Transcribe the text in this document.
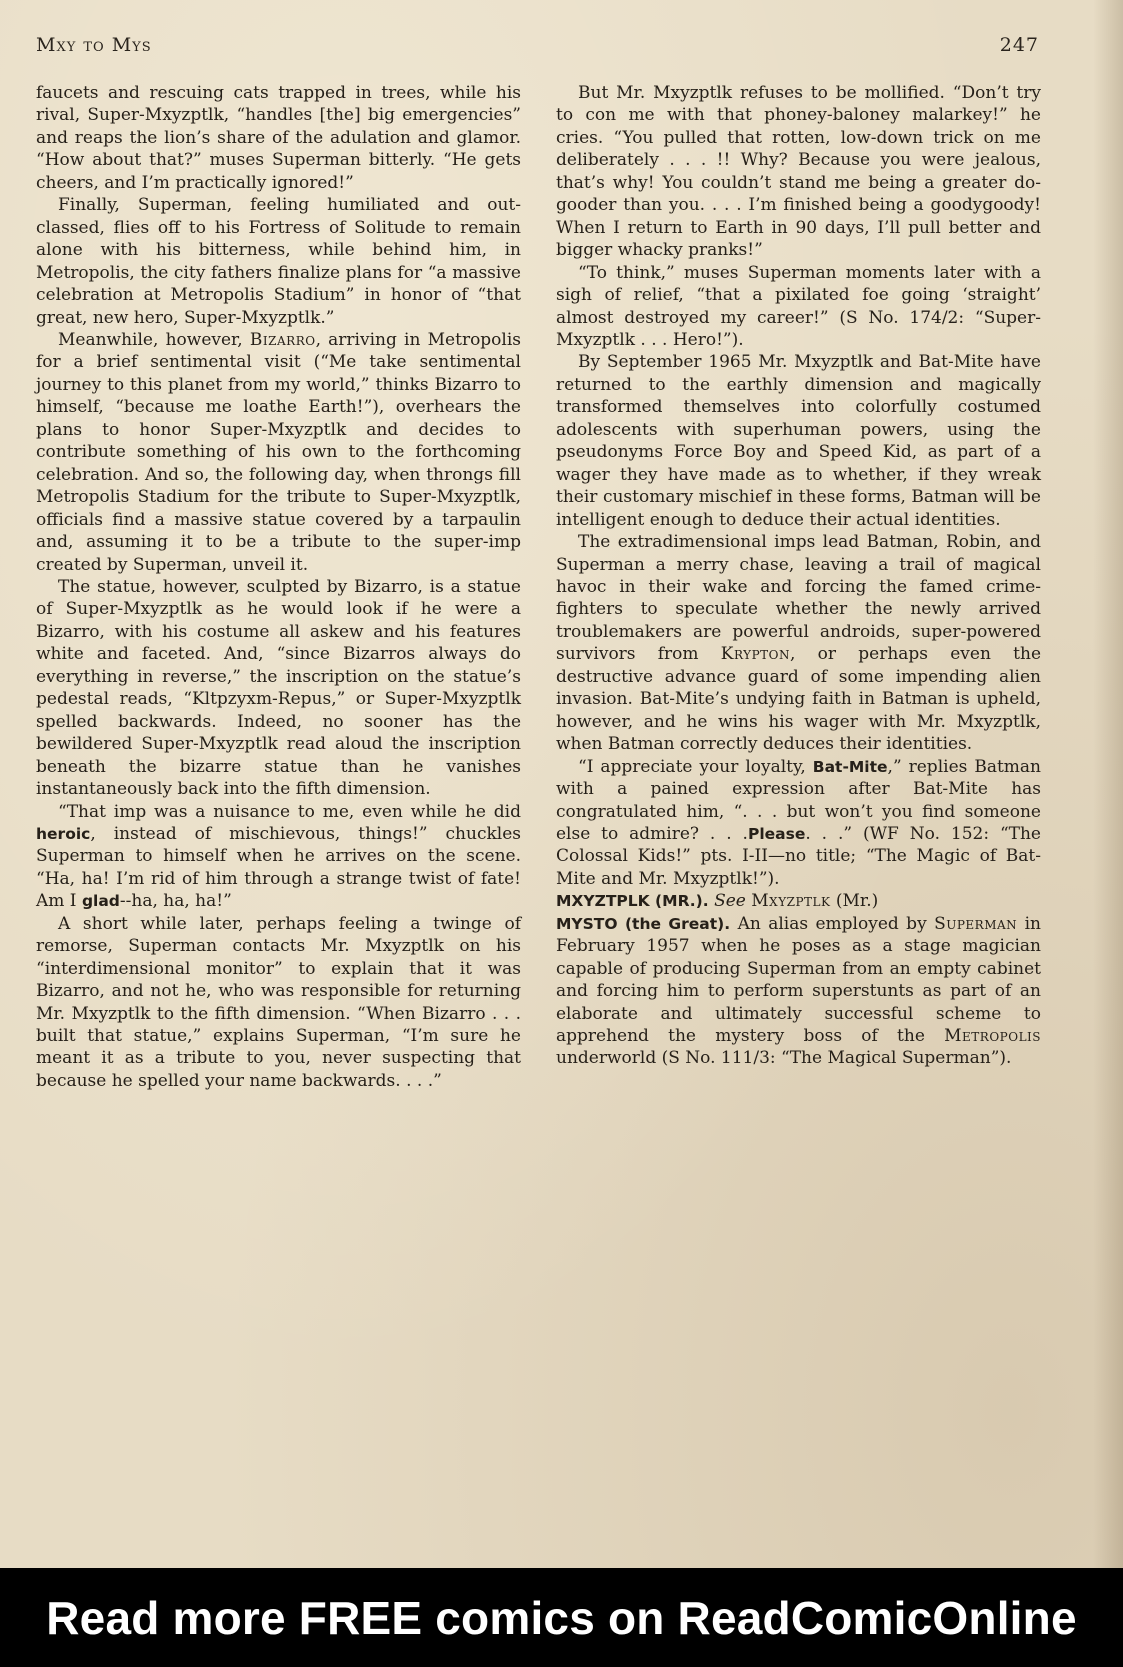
Mxy to Mys	247

faucets and rescuing cats trapped in trees, while his rival, Super-Mxyzptlk, “handles [the] big emergencies” and reaps the lion’s share of the adulation and glamor. “How about that?” muses Superman bitterly. “He gets cheers, and I’m practically ignored!”

Finally, Superman, feeling humiliated and outclassed, flies off to his Fortress of Solitude to remain alone with his bitterness, while behind him, in Metropolis, the city fathers finalize plans for “a massive celebration at Metropolis Stadium” in honor of “that great, new hero, Super-Mxyzptlk.”

Meanwhile, however, Bizarro, arriving in Metropolis for a brief sentimental visit (“Me take sentimental journey to this planet from my world,” thinks Bizarro to himself, “because me loathe Earth!”), overhears the plans to honor Super-Mxyzptlk and decides to contribute something of his own to the forthcoming celebration. And so, the following day, when throngs fill Metropolis Stadium for the tribute to Super-Mxyzptlk, officials find a massive statue covered by a tarpaulin and, assuming it to be a tribute to the super-imp created by Superman, unveil it.

The statue, however, sculpted by Bizarro, is a statue of Super-Mxyzptlk as he would look if he were a Bizarro, with his costume all askew and his features white and faceted. And, “since Bizarros always do everything in reverse,” the inscription on the statue’s pedestal reads, “Kltpzyxm-Repus,” or Super-Mxyzptlk spelled backwards. Indeed, no sooner has the bewildered Super-Mxyzptlk read aloud the inscription beneath the bizarre statue than he vanishes instantaneously back into the fifth dimension.

“That imp was a nuisance to me, even while he did heroic, instead of mischievous, things!” chuckles Superman to himself when he arrives on the scene. “Ha, ha! I’m rid of him through a strange twist of fate! Am I glad--ha, ha, ha!”

A short while later, perhaps feeling a twinge of remorse, Superman contacts Mr. Mxyzptlk on his “interdimensional monitor” to explain that it was Bizarro, and not he, who was responsible for returning Mr. Mxyzptlk to the fifth dimension. “When Bizarro . . . built that statue,” explains Superman, “I’m sure he meant it as a tribute to you, never suspecting that because he spelled your name backwards. . . .”

But Mr. Mxyzptlk refuses to be mollified. “Don’t try to con me with that phoney-baloney malarkey!” he cries. “You pulled that rotten, low-down trick on me deliberately . . . !! Why? Because you were jealous, that’s why! You couldn’t stand me being a greater dogooder than you. . . . I’m finished being a goodygoody! When I return to Earth in 90 days, I’ll pull better and bigger whacky pranks!”

“To think,” muses Superman moments later with a sigh of relief, “that a pixilated foe going ‘straight’ almost destroyed my career!” (S No. 174/2: “SuperMxyzptlk . . . Hero!”).

By September 1965 Mr. Mxyzptlk and Bat-Mite have returned to the earthly dimension and magically transformed themselves into colorfully costumed adolescents with superhuman powers, using the pseudonyms Force Boy and Speed Kid, as part of a wager they have made as to whether, if they wreak their customary mischief in these forms, Batman will be intelligent enough to deduce their actual identities.

The extradimensional imps lead Batman, Robin, and Superman a merry chase, leaving a trail of magical havoc in their wake and forcing the famed crime-fighters to speculate whether the newly arrived troublemakers are powerful androids, super-powered survivors from Krypton, or perhaps even the destructive advance guard of some impending alien invasion. Bat-Mite’s undying faith in Batman is upheld, however, and he wins his wager with Mr. Mxyzptlk, when Batman correctly deduces their identities.

“I appreciate your loyalty, Bat-Mite,” replies Batman with a pained expression after Bat-Mite has congratulated him, “. . . but won’t you find someone else to admire? . . .Please. . .” (WF No. 152: “The Colossal Kids!” pts. I-II—no title; “The Magic of Bat-Mite and Mr. Mxyzptlk!”).

MXYZTPLK (MR.). See Mxyzptlk (Mr.)

MYSTO (the Great). An alias employed by Superman in February 1957 when he poses as a stage magician capable of producing Superman from an empty cabinet and forcing him to perform superstunts as part of an elaborate and ultimately successful scheme to apprehend the mystery boss of the Metropolis underworld (S No. 111/3: “The Magical Superman”).

Read more FREE comics on ReadComicOnline
